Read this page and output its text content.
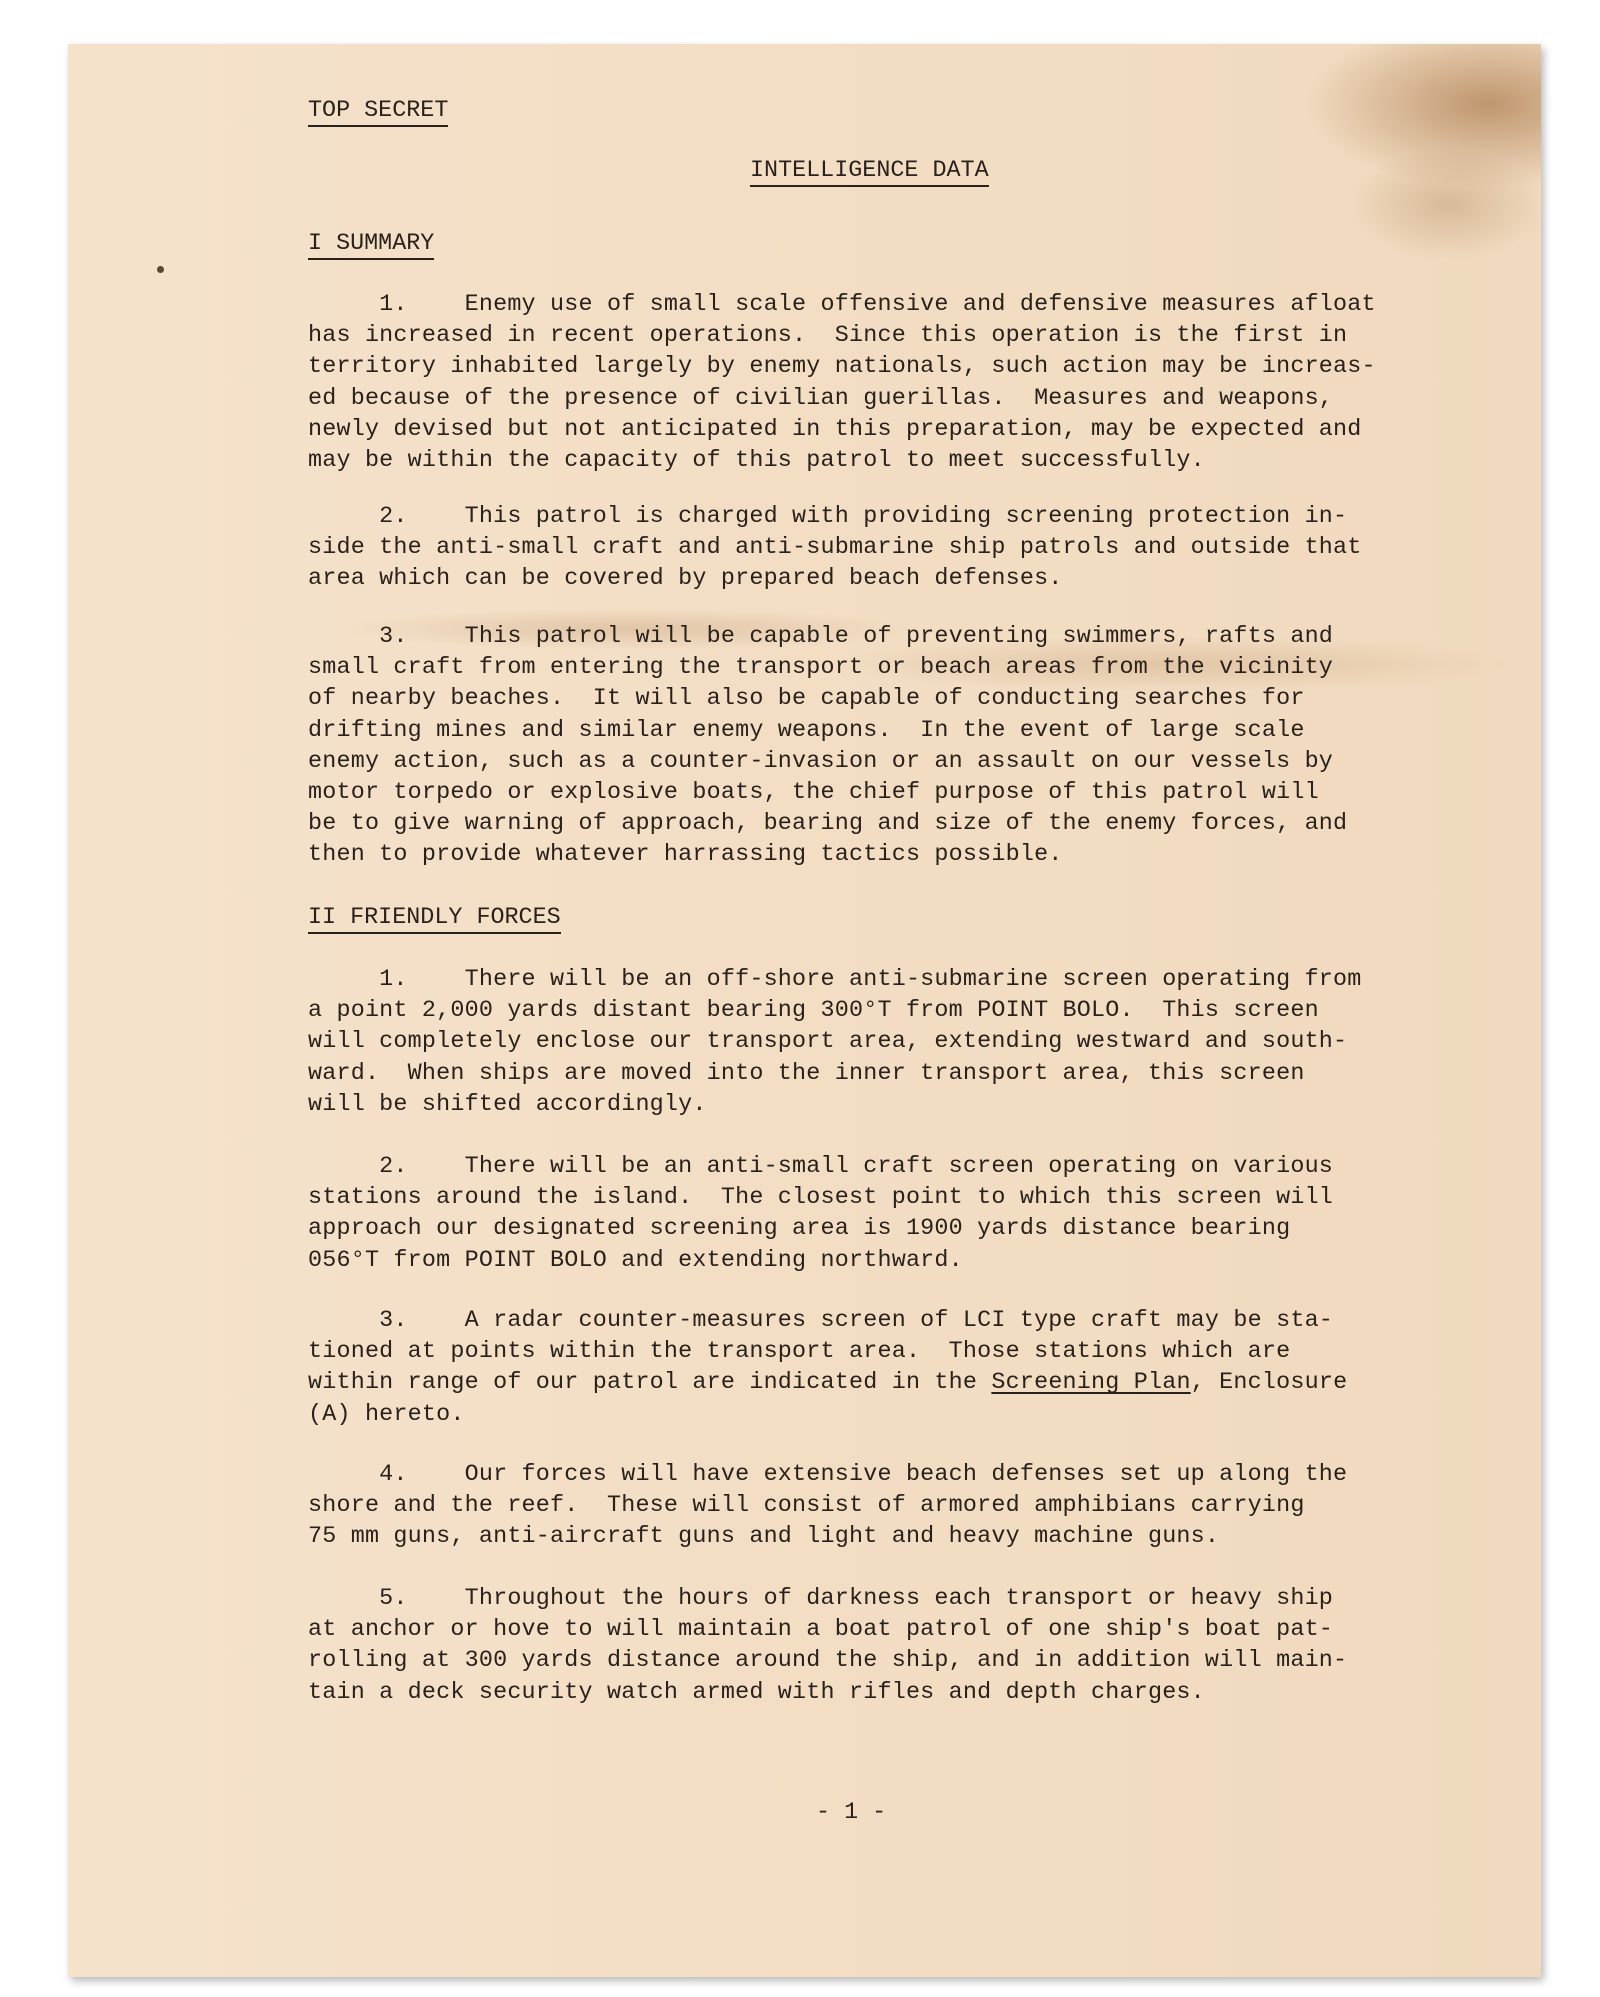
TOP SECRET
INTELLIGENCE DATA
I SUMMARY
1.    Enemy use of small scale offensive and defensive measures afloat
has increased in recent operations.  Since this operation is the first in
territory inhabited largely by enemy nationals, such action may be increas-
ed because of the presence of civilian guerillas.  Measures and weapons,
newly devised but not anticipated in this preparation, may be expected and
may be within the capacity of this patrol to meet successfully.
2.    This patrol is charged with providing screening protection in-
side the anti-small craft and anti-submarine ship patrols and outside that
area which can be covered by prepared beach defenses.
3.    This patrol will be capable of preventing swimmers, rafts and
small craft from entering the transport or beach areas from the vicinity
of nearby beaches.  It will also be capable of conducting searches for
drifting mines and similar enemy weapons.  In the event of large scale
enemy action, such as a counter-invasion or an assault on our vessels by
motor torpedo or explosive boats, the chief purpose of this patrol will
be to give warning of approach, bearing and size of the enemy forces, and
then to provide whatever harrassing tactics possible.
II FRIENDLY FORCES
1.    There will be an off-shore anti-submarine screen operating from
a point 2,000 yards distant bearing 300°T from POINT BOLO.  This screen
will completely enclose our transport area, extending westward and south-
ward.  When ships are moved into the inner transport area, this screen
will be shifted accordingly.
2.    There will be an anti-small craft screen operating on various
stations around the island.  The closest point to which this screen will
approach our designated screening area is 1900 yards distance bearing
056°T from POINT BOLO and extending northward.
3.    A radar counter-measures screen of LCI type craft may be sta-
tioned at points within the transport area.  Those stations which are
within range of our patrol are indicated in the Screening Plan, Enclosure
(A) hereto.
4.    Our forces will have extensive beach defenses set up along the
shore and the reef.  These will consist of armored amphibians carrying
75 mm guns, anti-aircraft guns and light and heavy machine guns.
5.    Throughout the hours of darkness each transport or heavy ship
at anchor or hove to will maintain a boat patrol of one ship's boat pat-
rolling at 300 yards distance around the ship, and in addition will main-
tain a deck security watch armed with rifles and depth charges.
- 1 -
